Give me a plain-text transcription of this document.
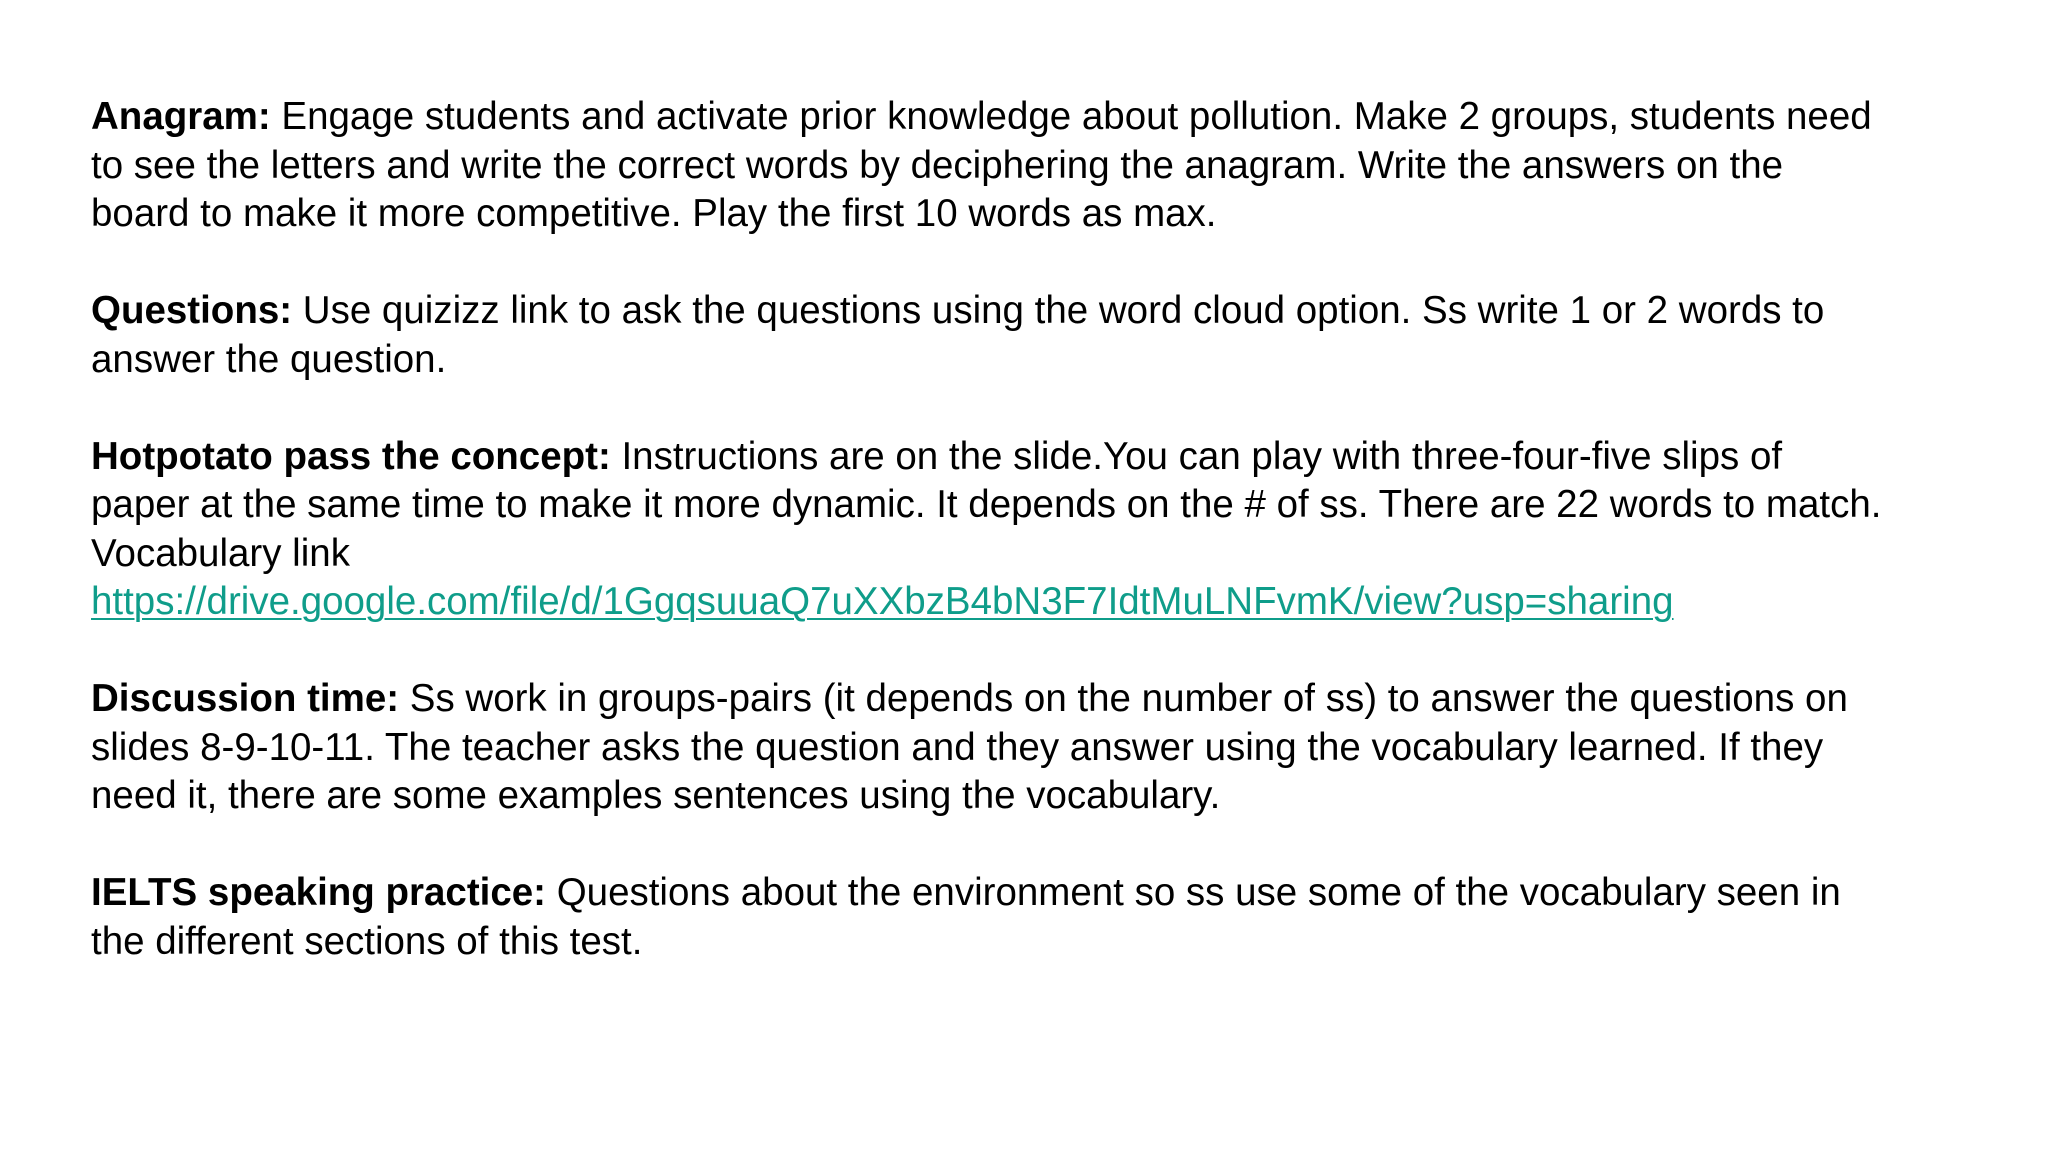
Anagram: Engage students and activate prior knowledge about pollution. Make 2 groups, students need
to see the letters and write the correct words by deciphering the anagram. Write the answers on the
board to make it more competitive. Play the first 10 words as max.

Questions: Use quizizz link to ask the questions using the word cloud option. Ss write 1 or 2 words to
answer the question.

Hotpotato pass the concept: Instructions are on the slide.You can play with three-four-five slips of
paper at the same time to make it more dynamic. It depends on the # of ss. There are 22 words to match.
Vocabulary link
https://drive.google.com/file/d/1GgqsuuaQ7uXXbzB4bN3F7IdtMuLNFvmK/view?usp=sharing

Discussion time: Ss work in groups-pairs (it depends on the number of ss) to answer the questions on
slides 8-9-10-11. The teacher asks the question and they answer using the vocabulary learned. If they
need it, there are some examples sentences using the vocabulary.

IELTS speaking practice: Questions about the environment so ss use some of the vocabulary seen in
the different sections of this test.
